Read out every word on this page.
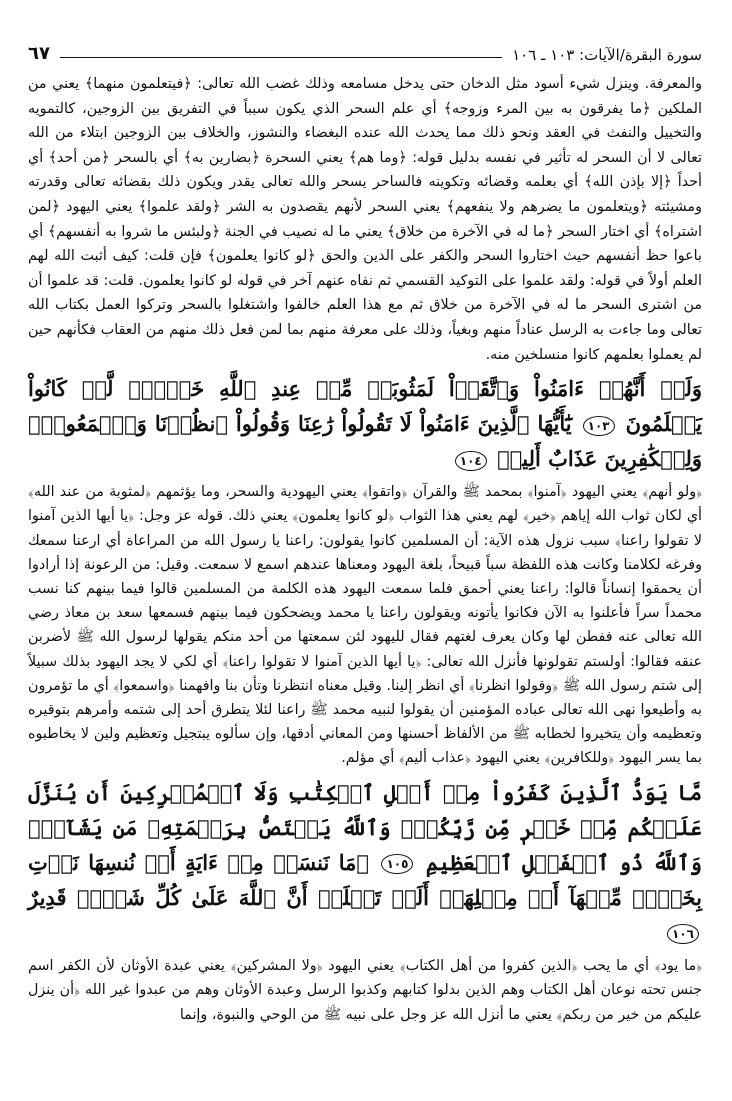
سورة البقرة/الآيات: ١٠٣ ـ ١٠٦
٦٧

والمعرفة. وينزل شيء أسود مثل الدخان حتى يدخل مسامعه وذلك غضب الله تعالى: ﴿فيتعلمون منهما﴾ يعني من الملكين ﴿ما يفرقون به بين المرء وزوجه﴾ أي علم السحر الذي يكون سبباً في التفريق بين الزوجين، كالتمويه والتخييل والنفث في العقد ونحو ذلك مما يحدث الله عنده البغضاء والنشوز، والخلاف بين الزوجين ابتلاء من الله تعالى لا أن السحر له تأثير في نفسه بدليل قوله: ﴿وما هم﴾ يعني السحرة ﴿بضارين به﴾ أي بالسحر ﴿من أحد﴾ أي أحداً ﴿إلا بإذن الله﴾ أي بعلمه وقضائه وتكوينه فالساحر يسحر والله تعالى يقدر ويكون ذلك بقضائه تعالى وقدرته ومشيئته ﴿ويتعلمون ما يضرهم ولا ينفعهم﴾ يعني السحر لأنهم يقصدون به الشر ﴿ولقد علموا﴾ يعني اليهود ﴿لمن اشتراه﴾ أي اختار السحر ﴿ما له في الآخرة من خلاق﴾ يعني ما له نصيب في الجنة ﴿ولبئس ما شروا به أنفسهم﴾ أي باعوا حظ أنفسهم حيث اختاروا السحر والكفر على الدين والحق ﴿لو كانوا يعلمون﴾ فإن قلت: كيف أثبت الله لهم العلم أولاً في قوله: ولقد علموا على التوكيد القسمي ثم نفاه عنهم آخر في قوله لو كانوا يعلمون. قلت: قد علموا أن من اشترى السحر ما له في الآخرة من خلاق ثم مع هذا العلم خالفوا واشتغلوا بالسحر وتركوا العمل بكتاب الله تعالى وما جاءت به الرسل عناداً منهم وبغياً، وذلك على معرفة منهم بما لمن فعل ذلك منهم من العقاب فكأنهم حين لم يعملوا بعلمهم كانوا منسلخين منه.

وَلَوۡ أَنَّهُمۡ ءَامَنُواْ وَٱتَّقَوۡاْ لَمَثُوبَةٞ مِّنۡ عِندِ ٱللَّهِ خَيۡرٞۚ لَّوۡ كَانُواْ يَعۡلَمُونَ ١٠٣ يَٰٓأَيُّهَا ٱلَّذِينَ ءَامَنُواْ لَا تَقُولُواْ رَٰعِنَا وَقُولُواْ ٱنظُرۡنَا وَٱسۡمَعُواْۗ وَلِلۡكَٰفِرِينَ عَذَابٌ أَلِيمٞ ١٠٤

﴿ولو أنهم﴾ يعني اليهود ﴿آمنوا﴾ بمحمد ﷺ والقرآن ﴿واتقوا﴾ يعني اليهودية والسحر، وما يؤثمهم ﴿لمثوبة من عند الله﴾ أي لكان ثواب الله إياهم ﴿خير﴾ لهم يعني هذا الثواب ﴿لو كانوا يعلمون﴾ يعني ذلك. قوله عز وجل: ﴿يا أيها الذين آمنوا لا تقولوا راعنا﴾ سبب نزول هذه الآية: أن المسلمين كانوا يقولون: راعنا يا رسول الله من المراعاة أي ارعنا سمعك وفرغه لكلامنا وكانت هذه اللفظة سباً قبيحاً، بلغة اليهود ومعناها عندهم اسمع لا سمعت. وقيل: من الرعونة إذا أرادوا أن يحمقوا إنساناً قالوا: راعنا يعني أحمق فلما سمعت اليهود هذه الكلمة من المسلمين قالوا فيما بينهم كنا نسب محمداً سراً فأعلنوا به الآن فكانوا يأتونه ويقولون راعنا يا محمد ويضحكون فيما بينهم فسمعها سعد بن معاذ رضي الله تعالى عنه ففطن لها وكان يعرف لغتهم فقال لليهود لئن سمعتها من أحد منكم يقولها لرسول الله ﷺ لأضربن عنقه فقالوا: أولستم تقولونها فأنزل الله تعالى: ﴿يا أيها الذين آمنوا لا تقولوا راعنا﴾ أي لكي لا يجد اليهود بذلك سبيلاً إلى شتم رسول الله ﷺ ﴿وقولوا انظرنا﴾ أي انظر إلينا. وقيل معناه انتظرنا وتأن بنا وافهمنا ﴿واسمعوا﴾ أي ما تؤمرون به وأطيعوا نهى الله تعالى عباده المؤمنين أن يقولوا لنبيه محمد ﷺ راعنا لئلا يتطرق أحد إلى شتمه وأمرهم بتوقيره وتعظيمه وأن يتخيروا لخطابه ﷺ من الألفاظ أحسنها ومن المعاني أدقها، وإن سألوه يبتجيل وتعظيم ولين لا يخاطبوه بما يسر اليهود ﴿وللكافرين﴾ يعني اليهود ﴿عذاب أليم﴾ أي مؤلم.

مَّا يَوَدُّ ٱلَّذِينَ كَفَرُواْ مِنۡ أَهۡلِ ٱلۡكِتَٰبِ وَلَا ٱلۡمُشۡرِكِينَ أَن يُنَزَّلَ عَلَيۡكُم مِّنۡ خَيۡرٖ مِّن رَّبِّكُمۡۚ وَٱللَّهُ يَخۡتَصُّ بِرَحۡمَتِهِۦ مَن يَشَآءُۚ وَٱللَّهُ ذُو ٱلۡفَضۡلِ ٱلۡعَظِيمِ ١٠٥ ۞مَا نَنسَخۡ مِنۡ ءَايَةٍ أَوۡ نُنسِهَا نَأۡتِ بِخَيۡرٖ مِّنۡهَآ أَوۡ مِثۡلِهَآۗ أَلَمۡ تَعۡلَمۡ أَنَّ ٱللَّهَ عَلَىٰ كُلِّ شَيۡءٖ قَدِيرٌ ١٠٦

﴿ما يود﴾ أي ما يحب ﴿الذين كفروا من أهل الكتاب﴾ يعني اليهود ﴿ولا المشركين﴾ يعني عبدة الأوثان لأن الكفر اسم جنس تحته نوعان أهل الكتاب وهم الذين بدلوا كتابهم وكذبوا الرسل وعبدة الأوثان وهم من عبدوا غير الله ﴿أن ينزل عليكم من خير من ربكم﴾ يعني ما أنزل الله عز وجل على نبيه ﷺ من الوحي والنبوة، وإنما
